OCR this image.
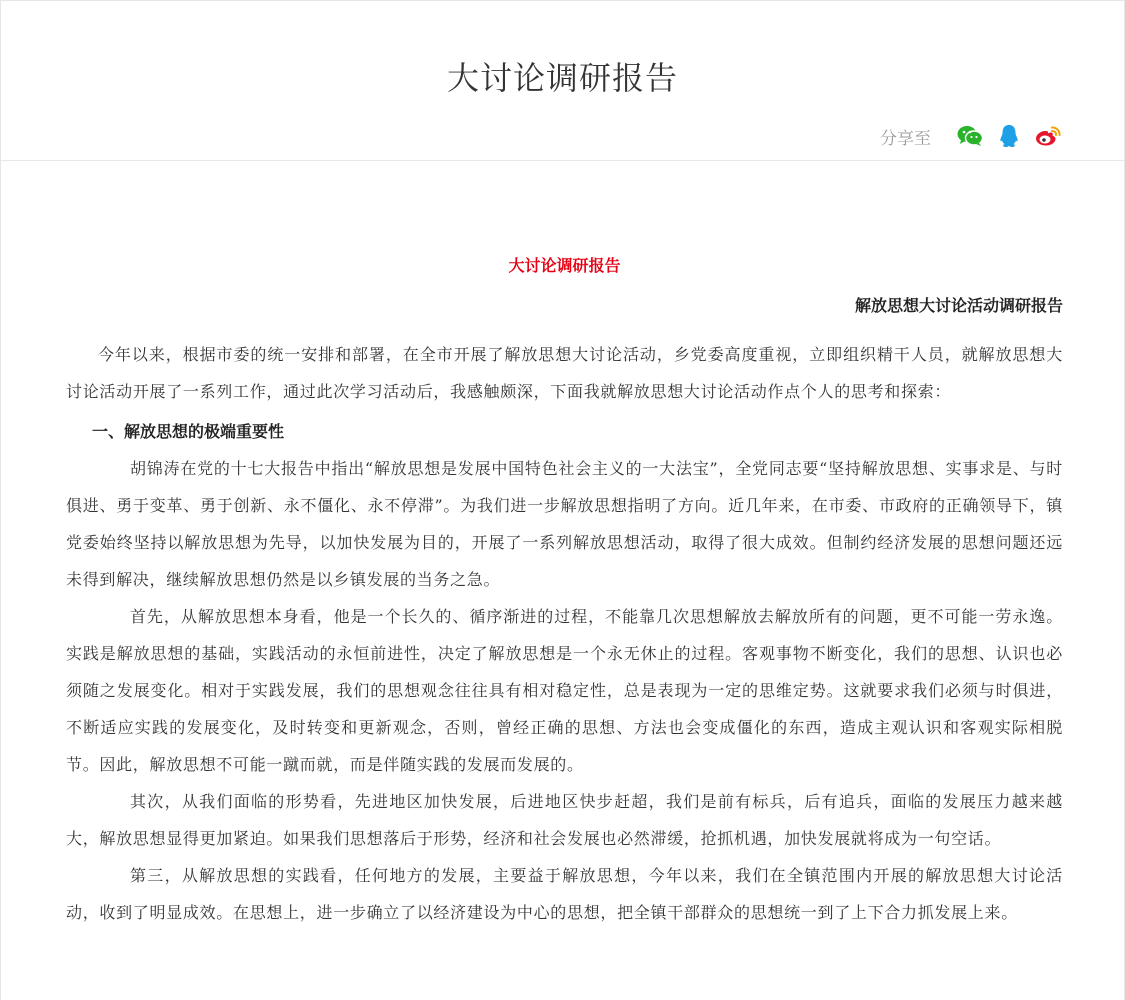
大讨论调研报告
分享至
大讨论调研报告
解放思想大讨论活动调研报告

今年以来，根据市委的统一安排和部署，在全市开展了解放思想大讨论活动，乡党委高度重视，立即组织精干人员，就解放思想大讨论活动开展了一系列工作，通过此次学习活动后，我感触颇深，下面我就解放思想大讨论活动作点个人的思考和探索：

一、解放思想的极端重要性

胡锦涛在党的十七大报告中指出“解放思想是发展中国特色社会主义的一大法宝”，全党同志要“坚持解放思想、实事求是、与时俱进、勇于变革、勇于创新、永不僵化、永不停滞”。为我们进一步解放思想指明了方向。近几年来，在市委、市政府的正确领导下，镇党委始终坚持以解放思想为先导，以加快发展为目的，开展了一系列解放思想活动，取得了很大成效。但制约经济发展的思想问题还远未得到解决，继续解放思想仍然是以乡镇发展的当务之急。

首先，从解放思想本身看，他是一个长久的、循序渐进的过程，不能靠几次思想解放去解放所有的问题，更不可能一劳永逸。实践是解放思想的基础，实践活动的永恒前进性，决定了解放思想是一个永无休止的过程。客观事物不断变化，我们的思想、认识也必须随之发展变化。相对于实践发展，我们的思想观念往往具有相对稳定性，总是表现为一定的思维定势。这就要求我们必须与时俱进，不断适应实践的发展变化，及时转变和更新观念，否则，曾经正确的思想、方法也会变成僵化的东西，造成主观认识和客观实际相脱节。因此，解放思想不可能一蹴而就，而是伴随实践的发展而发展的。

其次，从我们面临的形势看，先进地区加快发展，后进地区快步赶超，我们是前有标兵，后有追兵，面临的发展压力越来越大，解放思想显得更加紧迫。如果我们思想落后于形势，经济和社会发展也必然滞缓，抢抓机遇，加快发展就将成为一句空话。

第三，从解放思想的实践看，任何地方的发展，主要益于解放思想，今年以来，我们在全镇范围内开展的解放思想大讨论活动，收到了明显成效。在思想上，进一步确立了以经济建设为中心的思想，把全镇干部群众的思想统一到了上下合力抓发展上来。
